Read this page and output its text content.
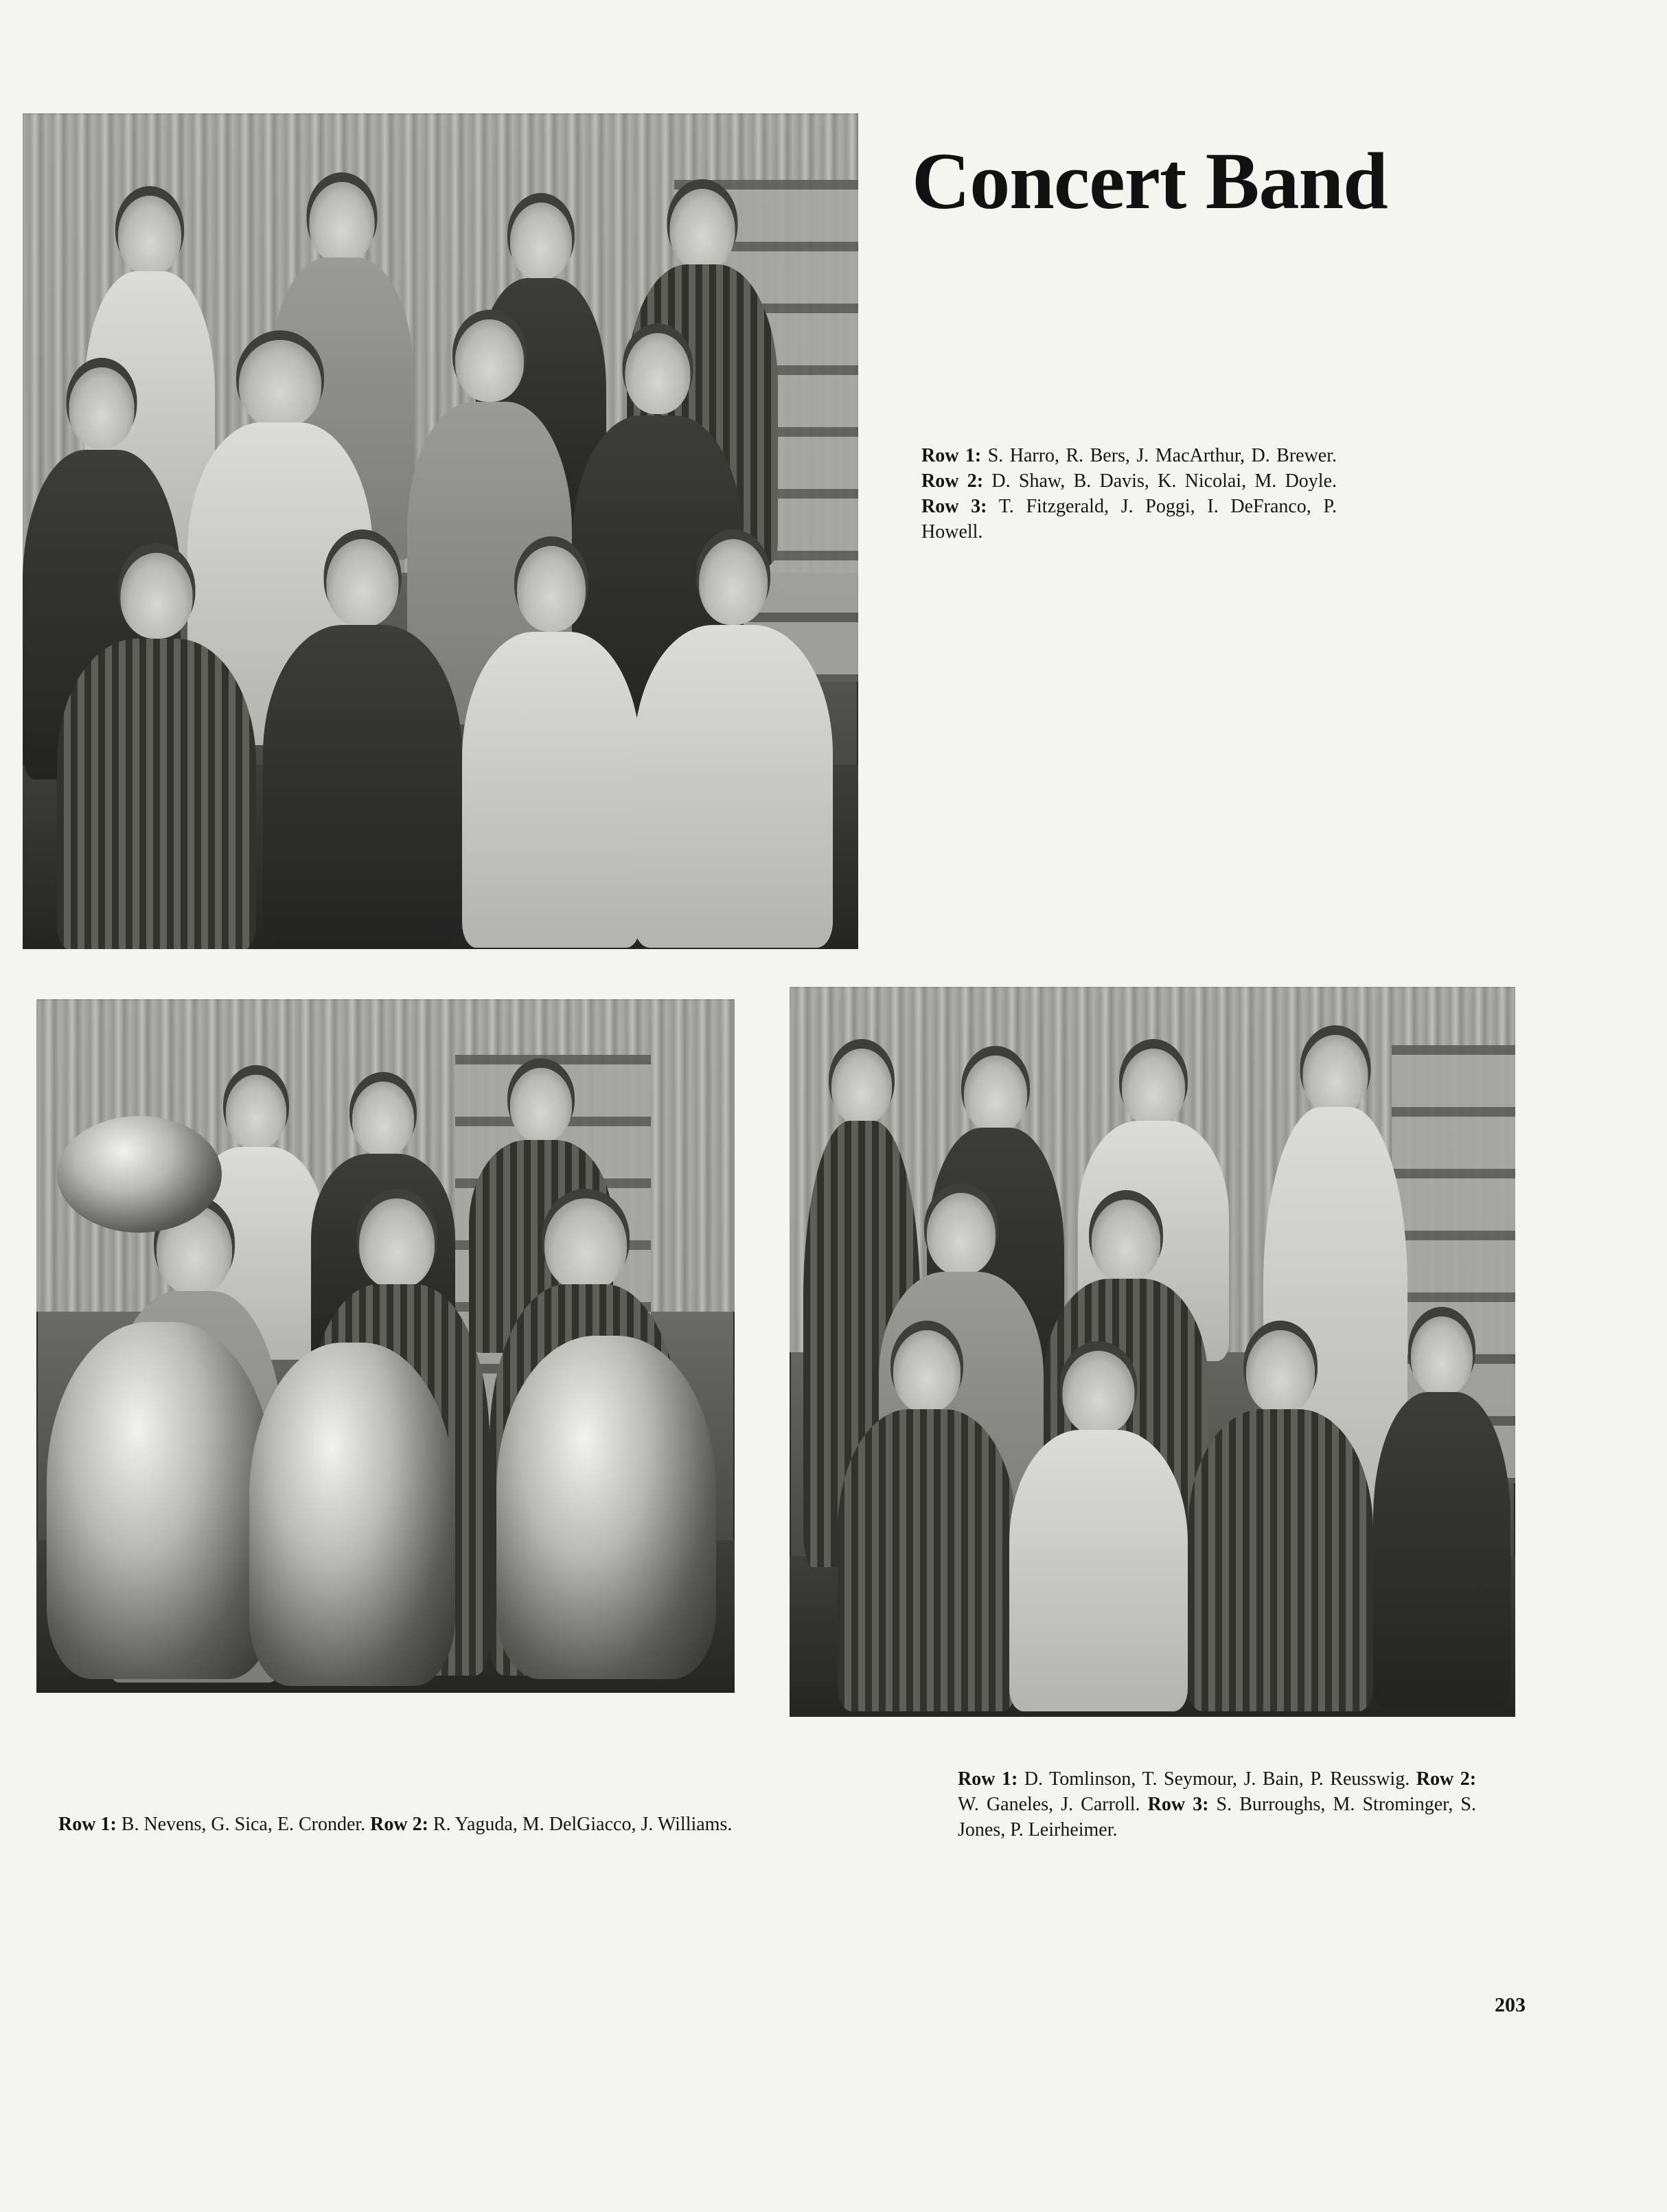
Concert Band

Row 1: S. Harro, R. Bers, J. MacArthur, D. Brewer. Row 2: D. Shaw, B. Davis, K. Nicolai, M. Doyle. Row 3: T. Fitzgerald, J. Poggi, I. DeFranco, P. Howell.

Row 1: B. Nevens, G. Sica, E. Cronder. Row 2: R. Yaguda, M. DelGiacco, J. Williams.

Row 1: D. Tomlinson, T. Seymour, J. Bain, P. Reusswig. Row 2: W. Ganeles, J. Carroll. Row 3: S. Burroughs, M. Strominger, S. Jones, P. Leirheimer.

203
